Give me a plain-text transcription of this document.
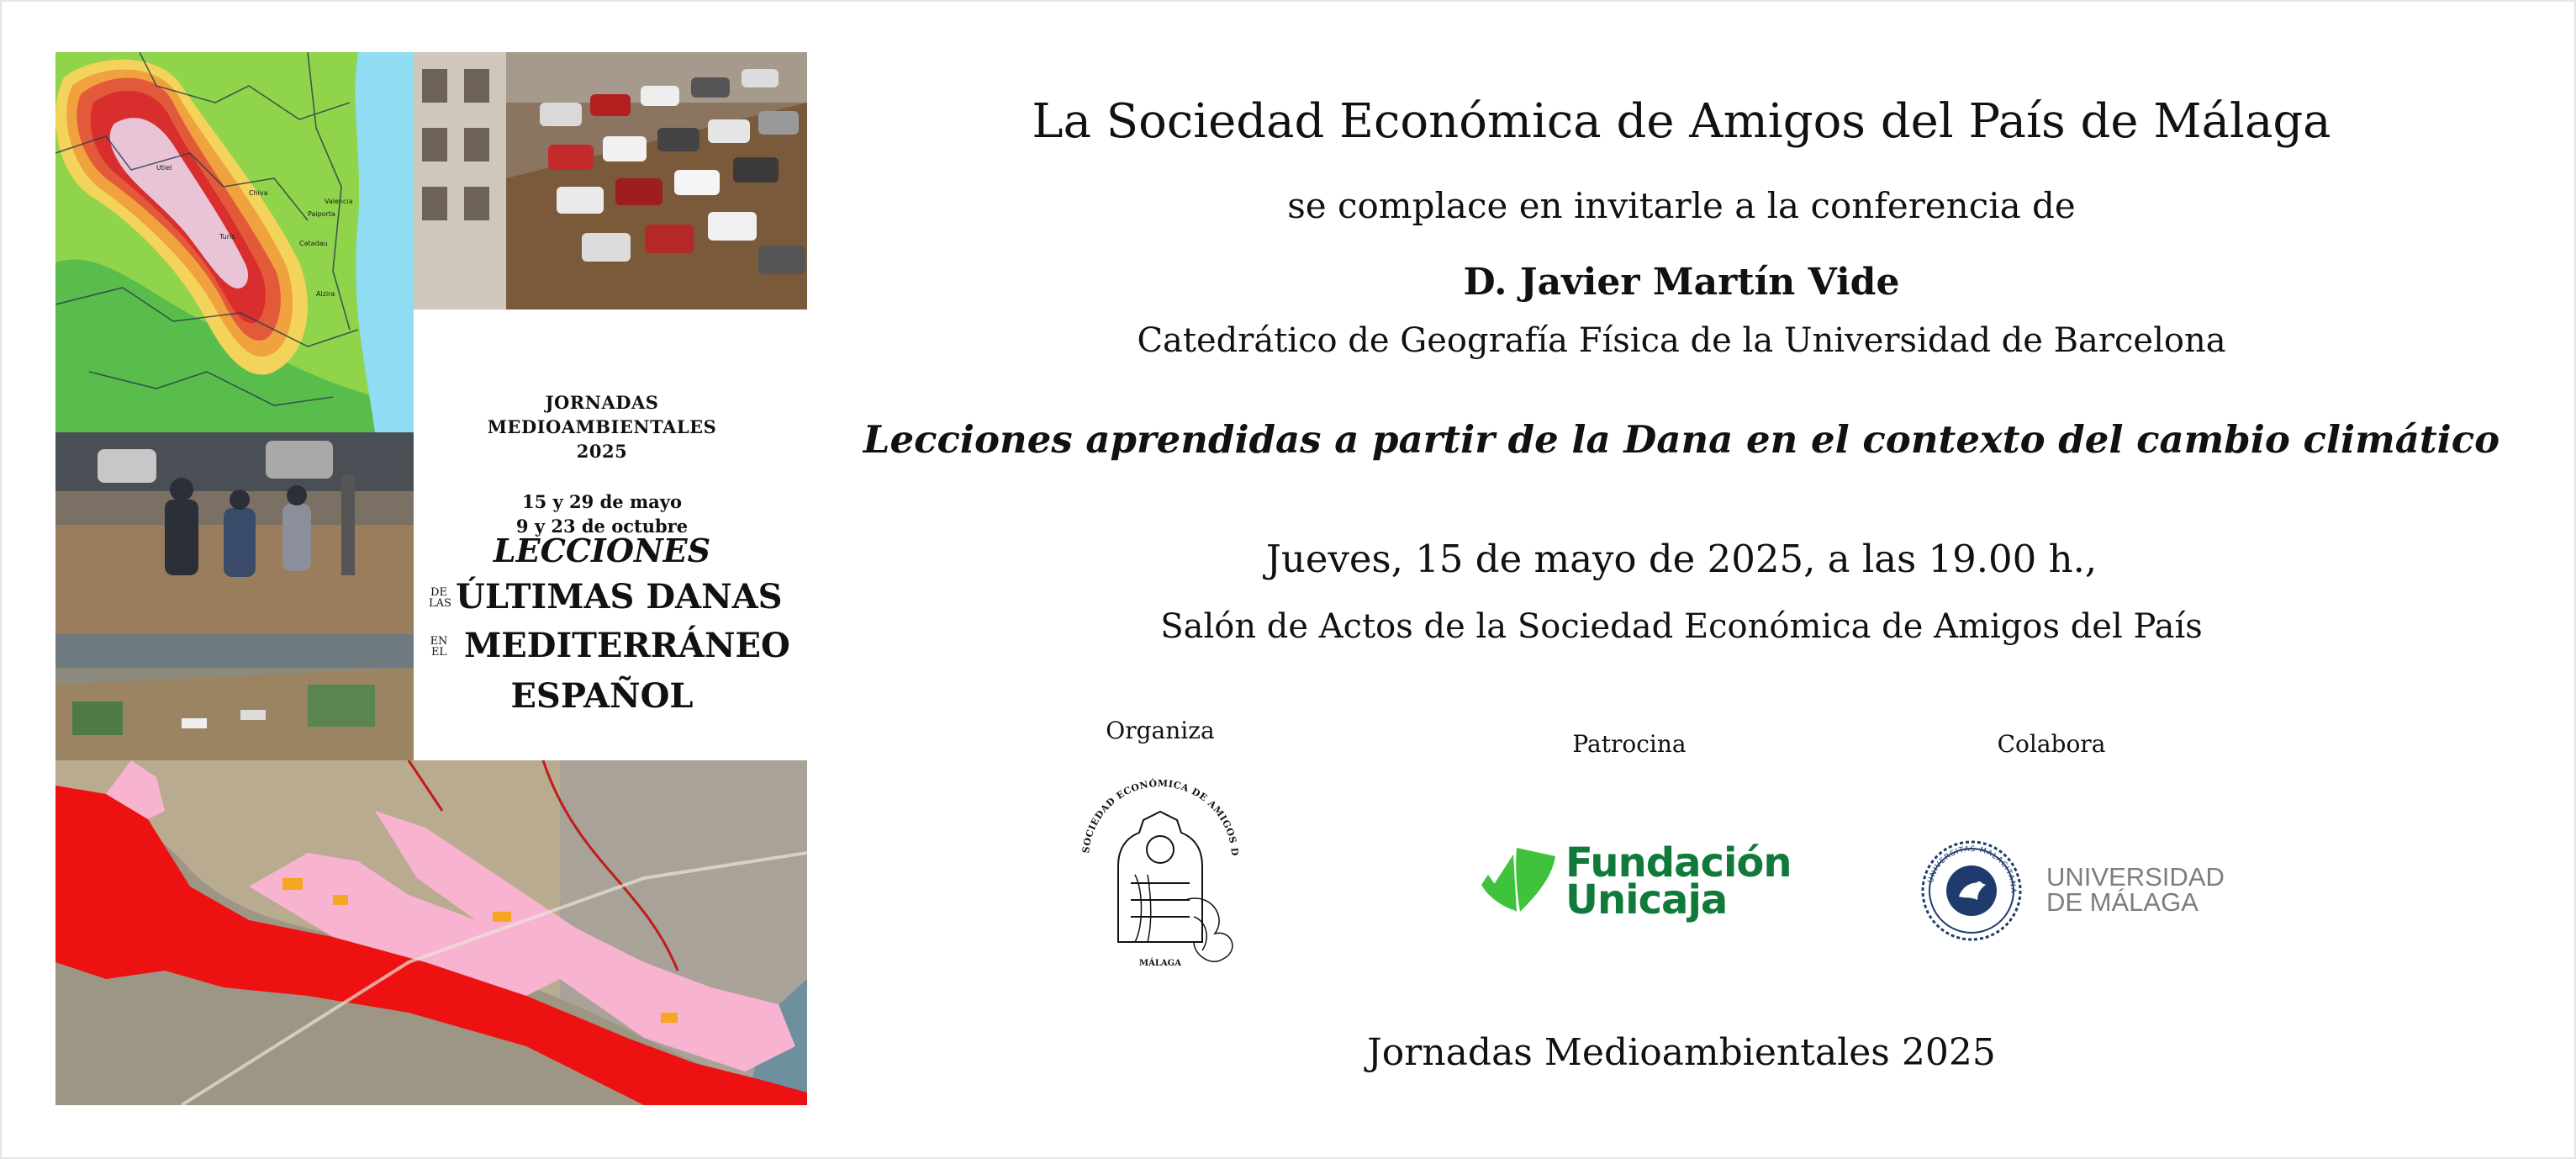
Utiel
Chiva
Valencia
Paiporta
Turís
Catadau
Alzira
JORNADAS
MEDIOAMBIENTALES
2025
15 y 29 de mayo
9 y 23 de octubre
LECCIONES
DE
LAS ÚLTIMAS DANAS
EN
EL MEDITERRÁNEO
ESPAÑOL
La Sociedad Económica de Amigos del País de Málaga
se complace en invitarle a la conferencia de
D. Javier Martín Vide
Catedrático de Geografía Física de la Universidad de Barcelona
Lecciones aprendidas a partir de la Dana en el contexto del cambio climático
Jueves, 15 de mayo de 2025, a las 19.00 h.,
Salón de Actos de la Sociedad Económica de Amigos del País
Organiza	Patrocina	Colabora
SOCIEDAD ECONÓMICA DE AMIGOS D
MÁLAGA
Fundación
Unicaja	UNIVERSITAS MALACITANA UNIVERSIDAD
DE MÁLAGA
Jornadas Medioambientales 2025
